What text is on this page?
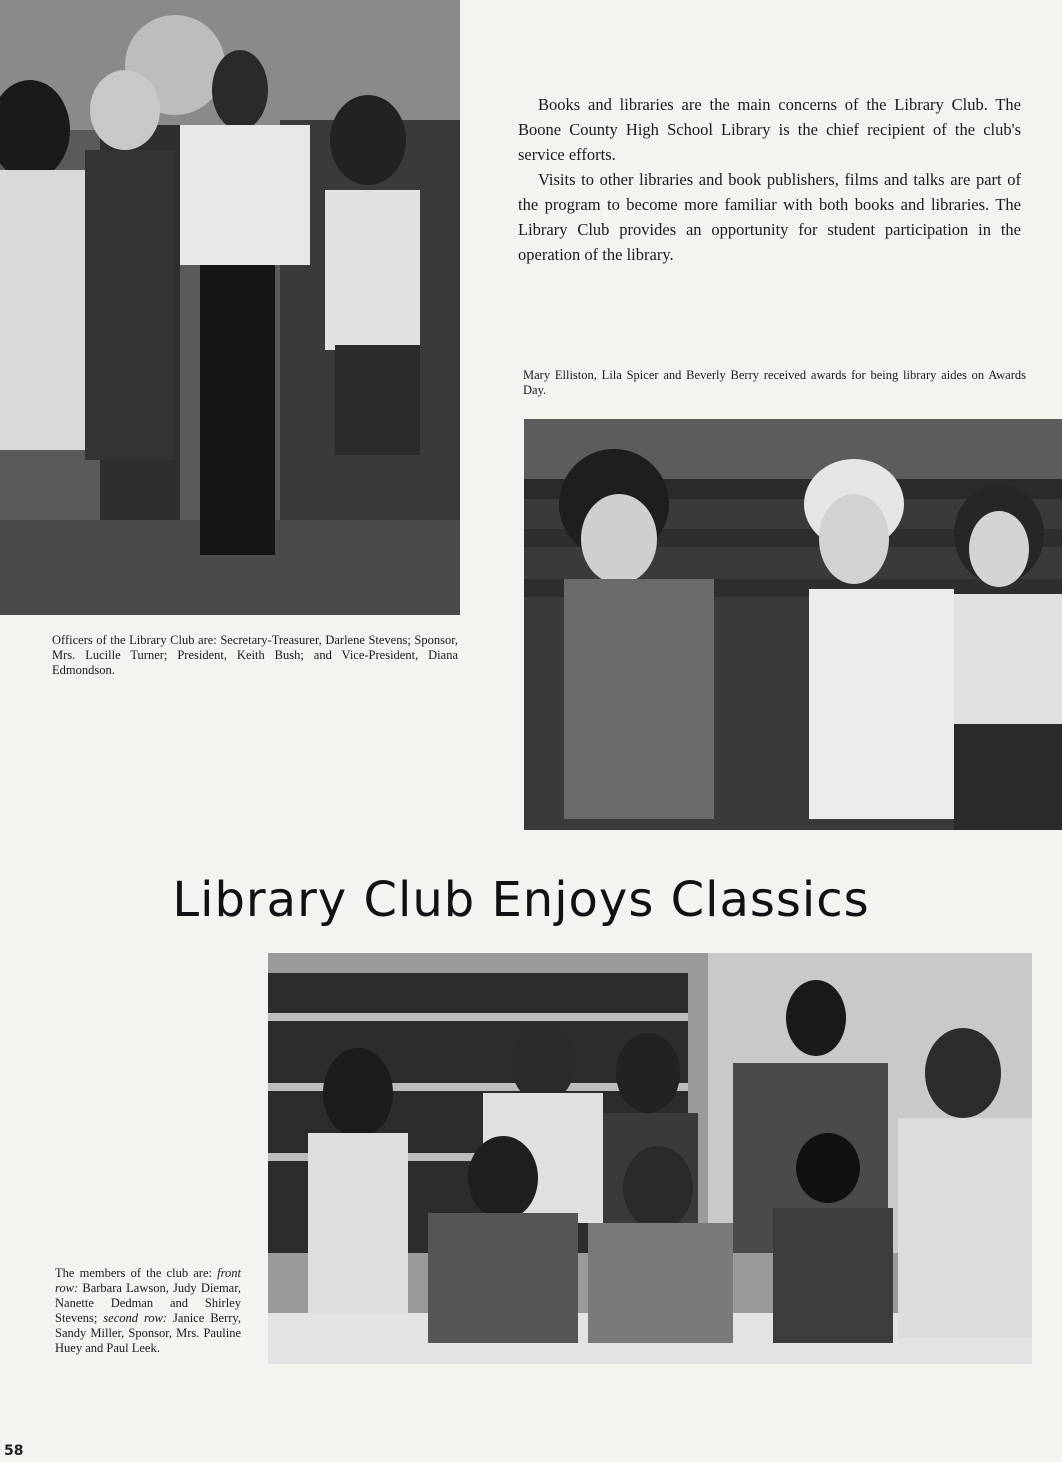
Books and libraries are the main concerns of the Library Club. The Boone County High School Library is the chief recipient of the club's service efforts.

Visits to other libraries and book publishers, films and talks are part of the program to become more familiar with both books and libraries. The Library Club provides an opportunity for student participation in the operation of the library.

Mary Elliston, Lila Spicer and Beverly Berry received awards for being library aides on Awards Day.
Officers of the Library Club are: Secretary-Treasurer, Darlene Stevens; Sponsor, Mrs. Lucille Turner; President, Keith Bush; and Vice-President, Diana Edmondson.
Library Club Enjoys Classics
The members of the club are: front row: Barbara Lawson, Judy Diemar, Nanette Dedman and Shirley Stevens; second row: Janice Berry, Sandy Miller, Sponsor, Mrs. Pauline Huey and Paul Leek.
58
